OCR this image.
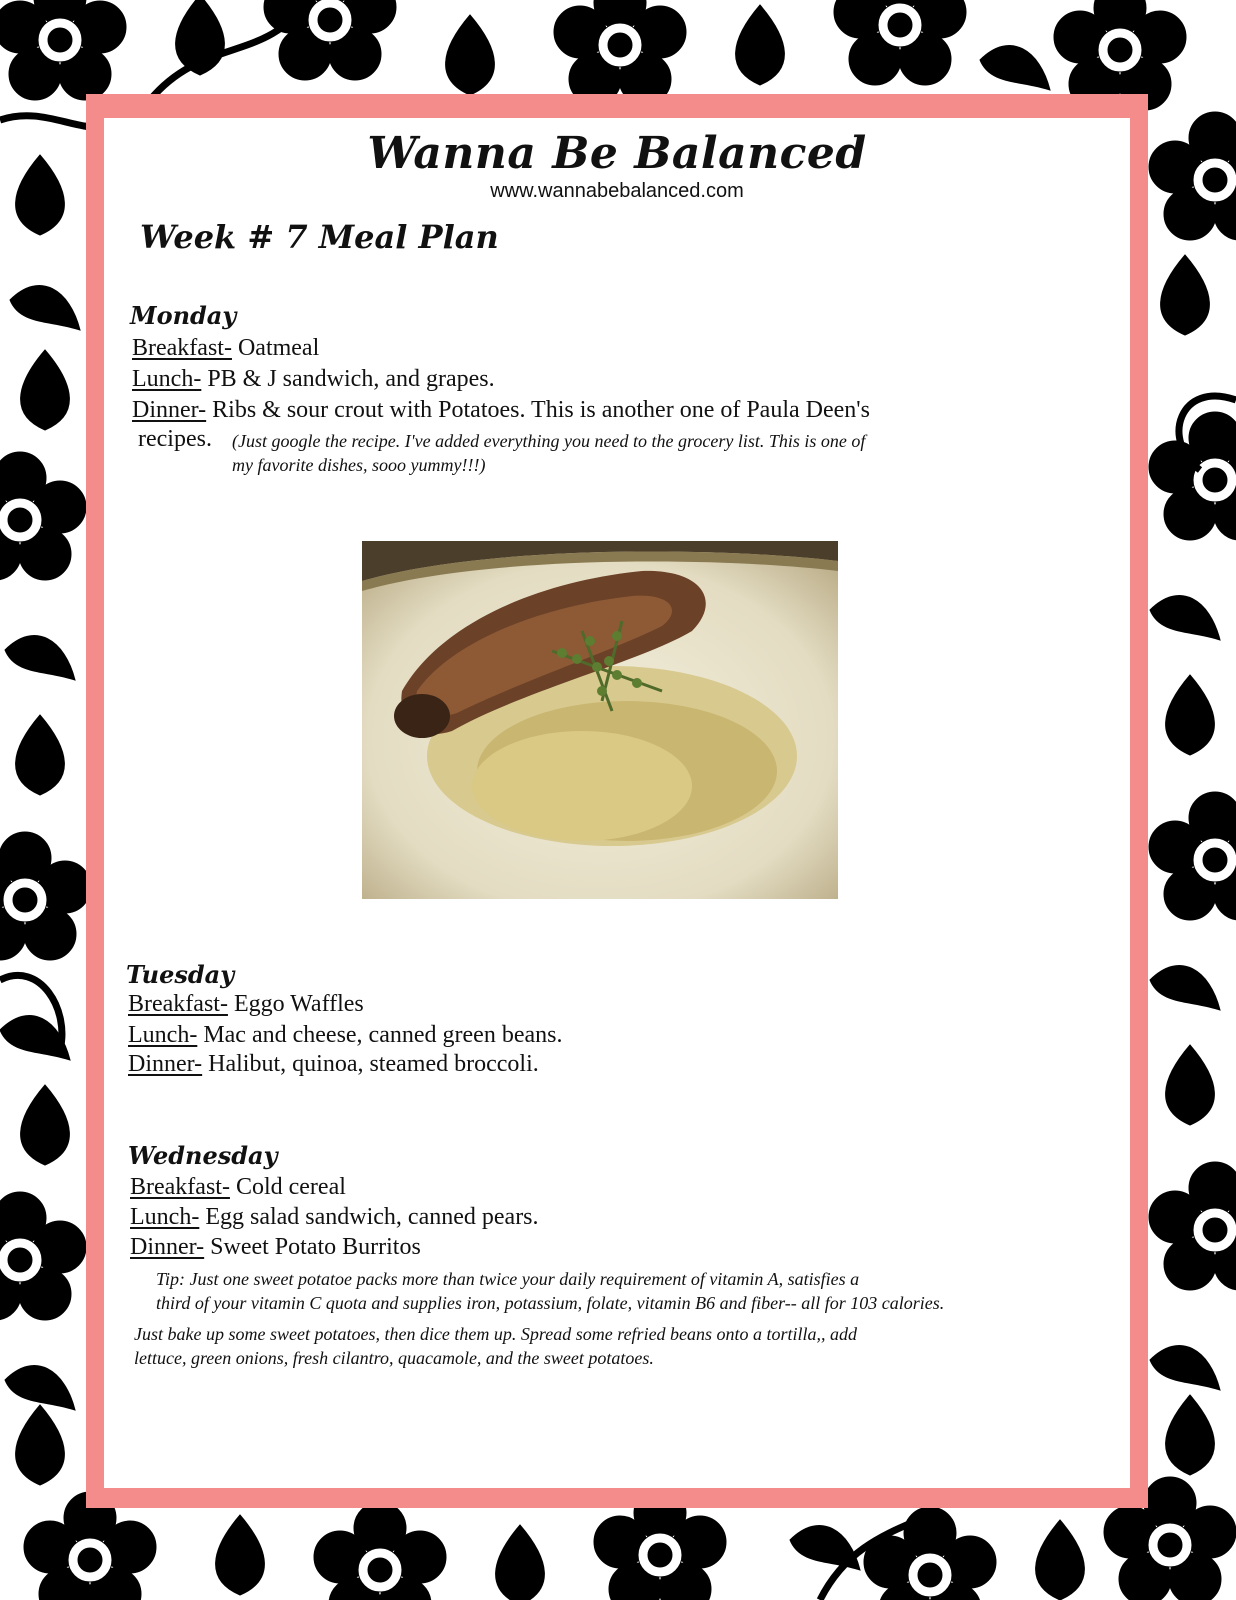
Wanna Be Balanced
www.wannabebalanced.com
Week # 7 Meal Plan
Monday
Breakfast- Oatmeal
Lunch- PB & J sandwich, and grapes.
Dinner- Ribs & sour crout with Potatoes. This is another one of Paula Deen's
recipes. (Just google the recipe. I've added everything you need to the grocery list. This is one of
my favorite dishes, sooo yummy!!!)
Tuesday
Breakfast- Eggo Waffles
Lunch- Mac and cheese, canned green beans.
Dinner- Halibut, quinoa, steamed broccoli.
Wednesday
Breakfast- Cold cereal
Lunch- Egg salad sandwich, canned pears.
Dinner- Sweet Potato Burritos
Tip: Just one sweet potatoe packs more than twice your daily requirement of vitamin A, satisfies a
third of your vitamin C quota and supplies iron, potassium, folate, vitamin B6 and fiber-- all for 103 calories.
Just bake up some sweet potatoes, then dice them up. Spread some refried beans onto a tortilla,, add
lettuce, green onions, fresh cilantro, quacamole, and the sweet potatoes.
